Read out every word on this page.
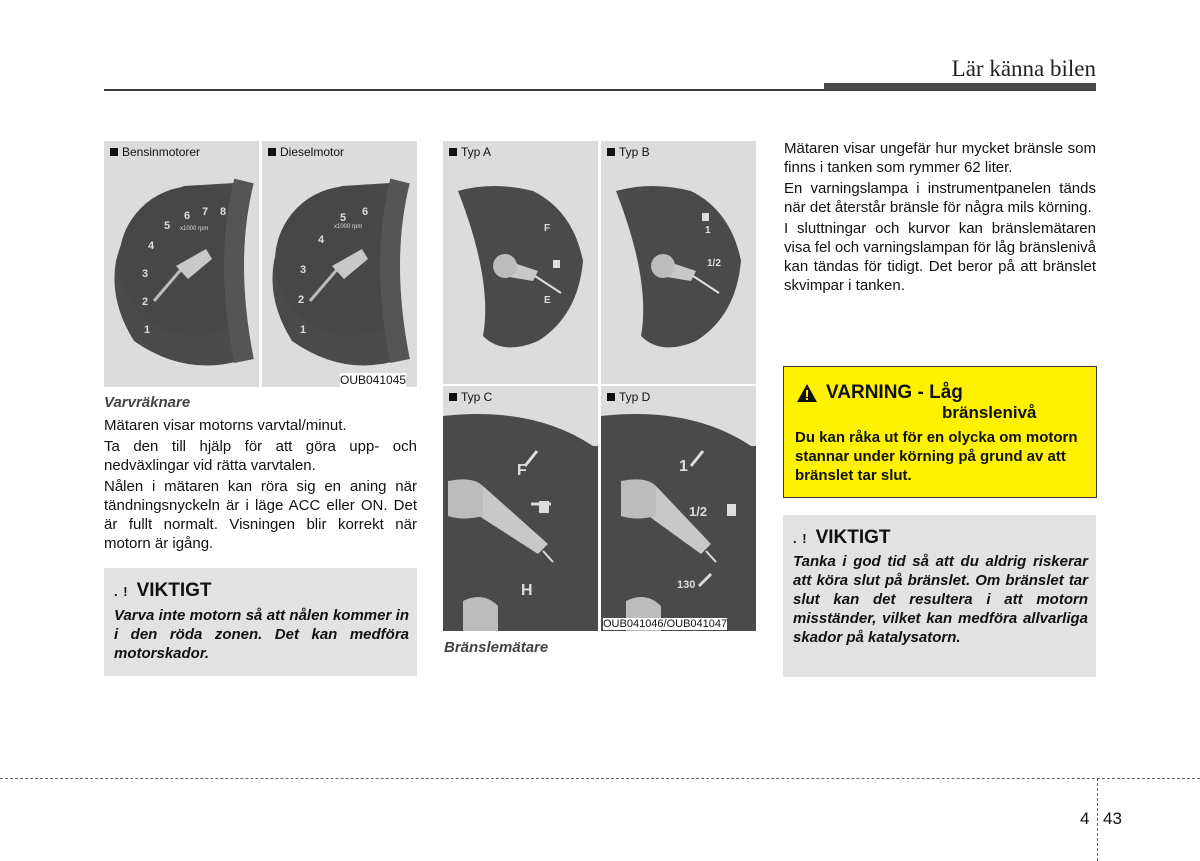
Lär känna bilen
Bensinmotorer
1
2
3
4
5
6 7 8
x1000 rpm
Dieselmotor
1
2
3
4
5 6
x1000 rpm
OUB041045
Varvräknare

Mätaren visar motorns varvtal/minut.

Ta den till hjälp för att göra upp- och nedväxlingar vid rätta varvtalen.

Nålen i mätaren kan röra sig en aning när tändningsnyckeln är i läge ACC eller ON. Det är fullt normalt. Visningen blir korrekt när motorn är igång.

. ! VIKTIGT
Varva inte motorn så att nålen kommer in i den röda zonen. Det kan medföra motorskador.
Typ A
F
E
Typ B
1
1/2
Typ C
F
H
Typ D
1
1/2
130
OUB041046/OUB041047
Bränslemätare

Mätaren visar ungefär hur mycket bränsle som finns i tanken som rymmer 62 liter.

En varningslampa i instrumentpanelen tänds när det återstår bränsle för några mils körning.

I sluttningar och kurvor kan bränslemätaren visa fel och varningslampan för låg bränslenivå kan tändas för tidigt. Det beror på att bränslet skvimpar i tanken.

VARNING - Låg
bränslenivå
Du kan råka ut för en olycka om motorn stannar under körning på grund av att bränslet tar slut.
. ! VIKTIGT
Tanka i god tid så att du aldrig riskerar att köra slut på bränslet. Om bränslet tar slut kan det resultera i att motorn misständer, vilket kan medföra allvarliga skador på katalysatorn.
4 43
